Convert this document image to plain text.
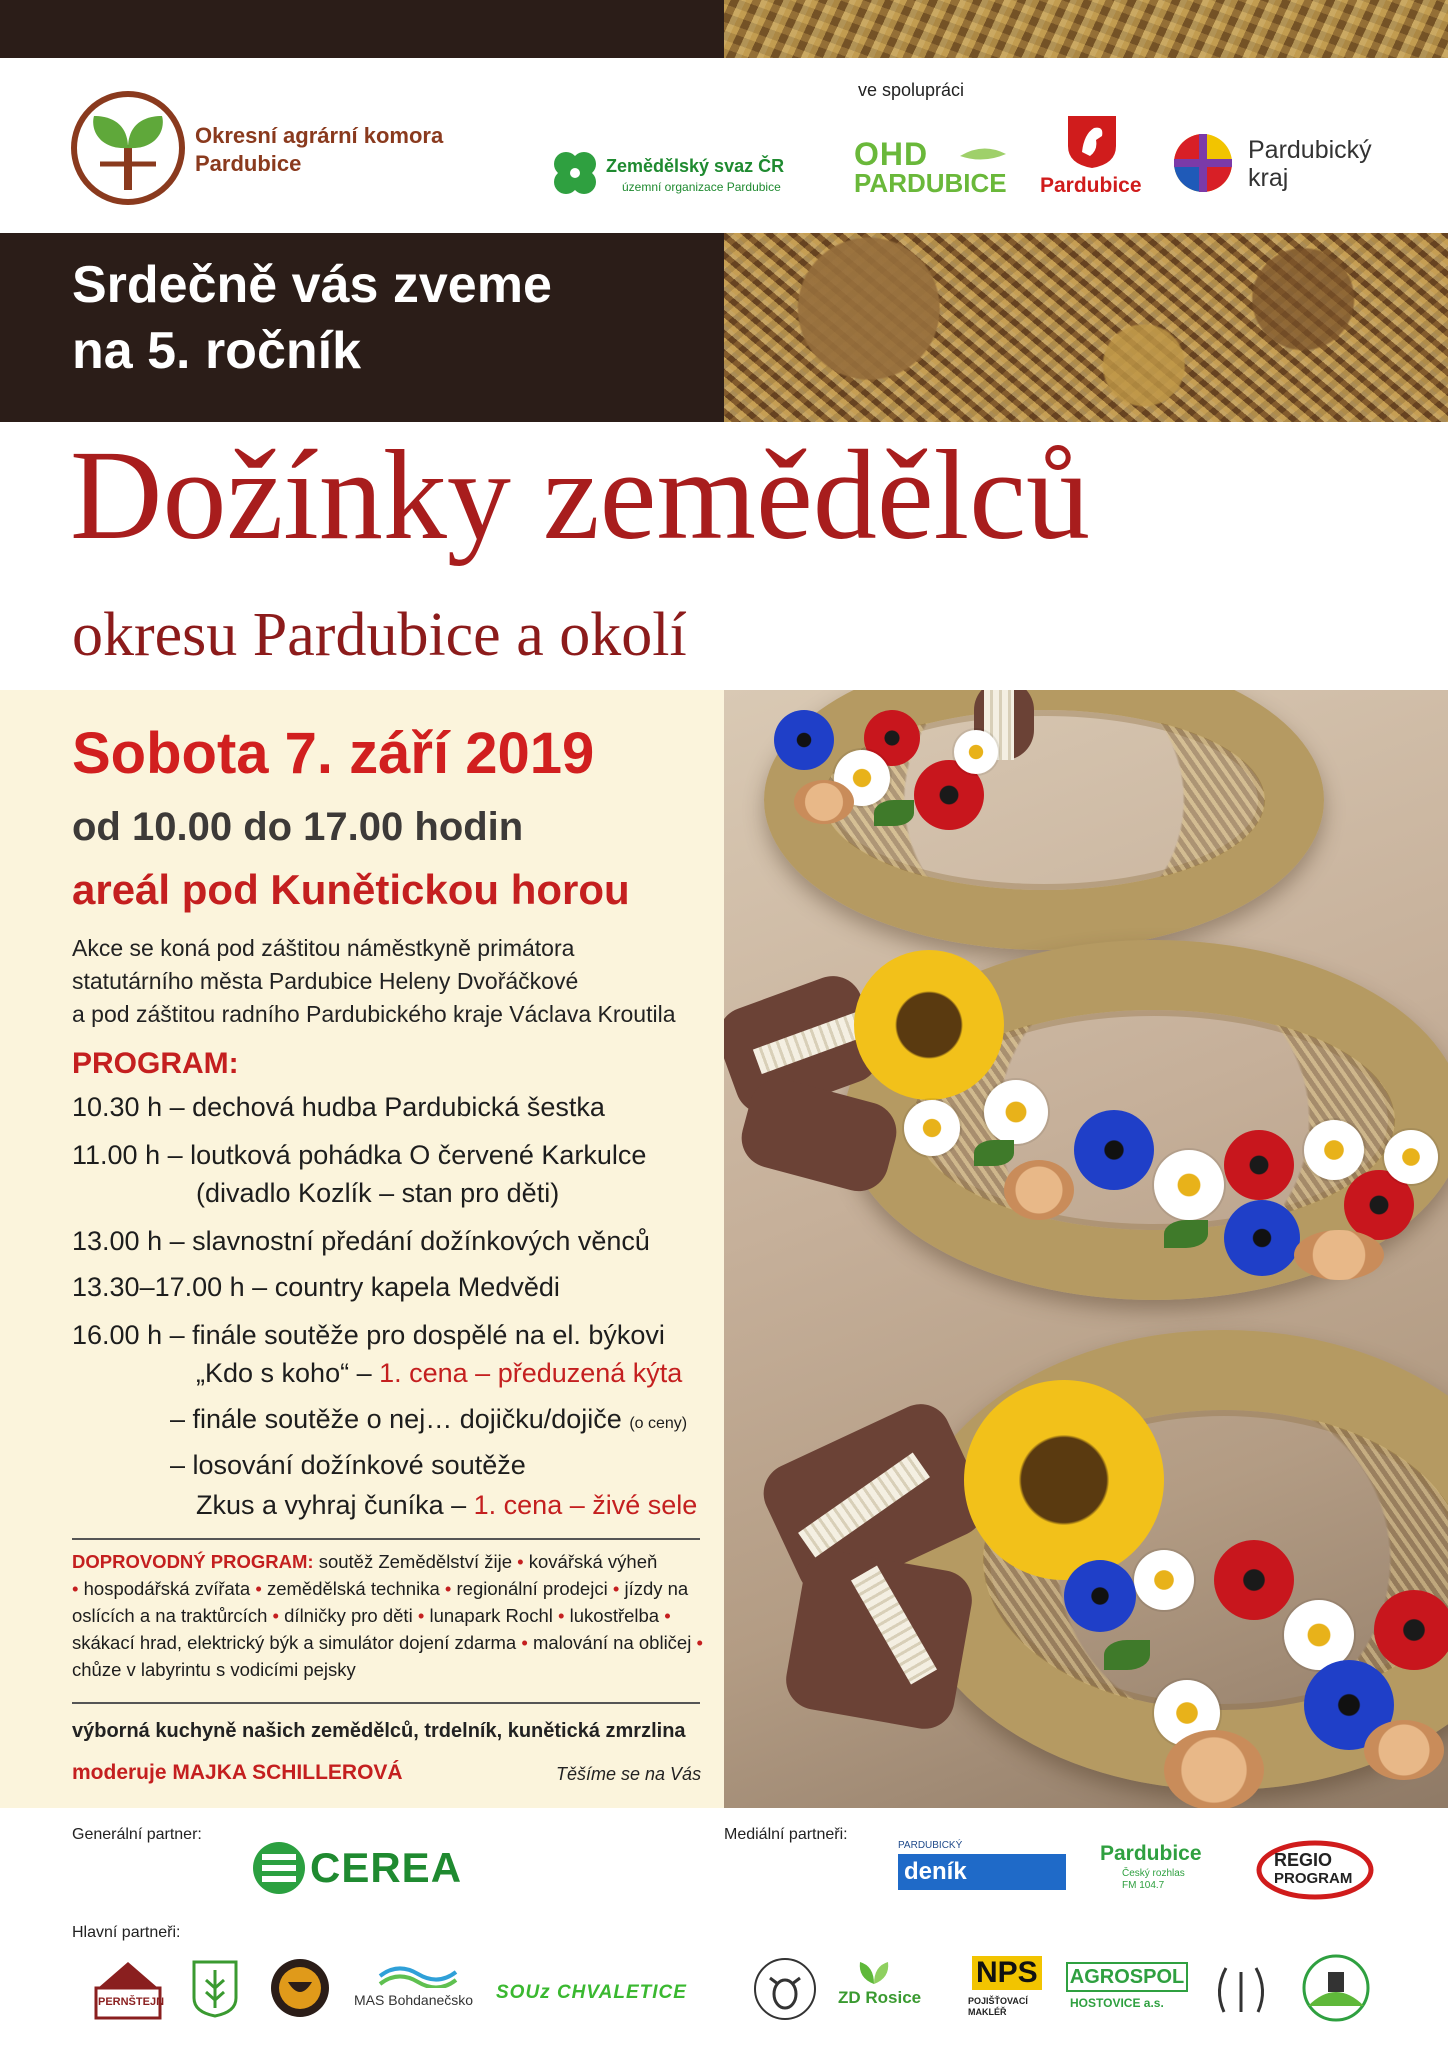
Okresní agrární komora
Pardubice
ve spolupráci
Zemědělský svaz ČR
územní organizace Pardubice
OHD
PARDUBICE Pardubice
Pardubický
kraj
Srdečně vás zveme
na 5. ročník
Dožínky zemědělců
okresu Pardubice a okolí
Sobota 7. září 2019
od 10.00 do 17.00 hodin
areál pod Kunětickou horou
Akce se koná pod záštitou náměstkyně primátora
statutárního města Pardubice Heleny Dvořáčkové
a pod záštitou radního Pardubického kraje Václava Kroutila
PROGRAM:
10.30 h – dechová hudba Pardubická šestka
11.00 h – loutková pohádka O červené Karkulce
(divadlo Kozlík – stan pro děti)
13.00 h – slavnostní předání dožínkových věnců
13.30–17.00 h – country kapela Medvědi
16.00 h – finále soutěže pro dospělé na el. býkovi
„Kdo s koho“ – 1. cena – předuzená kýta
– finále soutěže o nej… dojičku/dojiče (o ceny)
– losování dožínkové soutěže
Zkus a vyhraj čuníka – 1. cena – živé sele
DOPROVODNÝ PROGRAM: soutěž Zemědělství žije • kovářská výheň
• hospodářská zvířata • zemědělská technika • regionální prodejci • jízdy na oslících a na traktůrcích • dílničky pro děti • lunapark Rochl • lukostřelba •
skákací hrad, elektrický býk a simulátor dojení zdarma • malování na obličej •
chůze v labyrintu s vodicími pejsky
výborná kuchyně našich zemědělců, trdelník, kunětická zmrzlina
moderuje MAJKA SCHILLEROVÁ	Těšíme se na Vás
Generální partner:
CEREA
Mediální partneři:
PARDUBICKÝ
deník
Pardubice
Český rozhlas
FM 104.7
REGIO
PROGRAM
Hlavní partneři:
PERNŠTEJN	MAS Bohdanečsko SOUz CHVALETICE	ZD Rosice
NPS
POJIŠŤOVACÍ MAKLÉŘ
AGROSPOL
HOSTOVICE a.s.
